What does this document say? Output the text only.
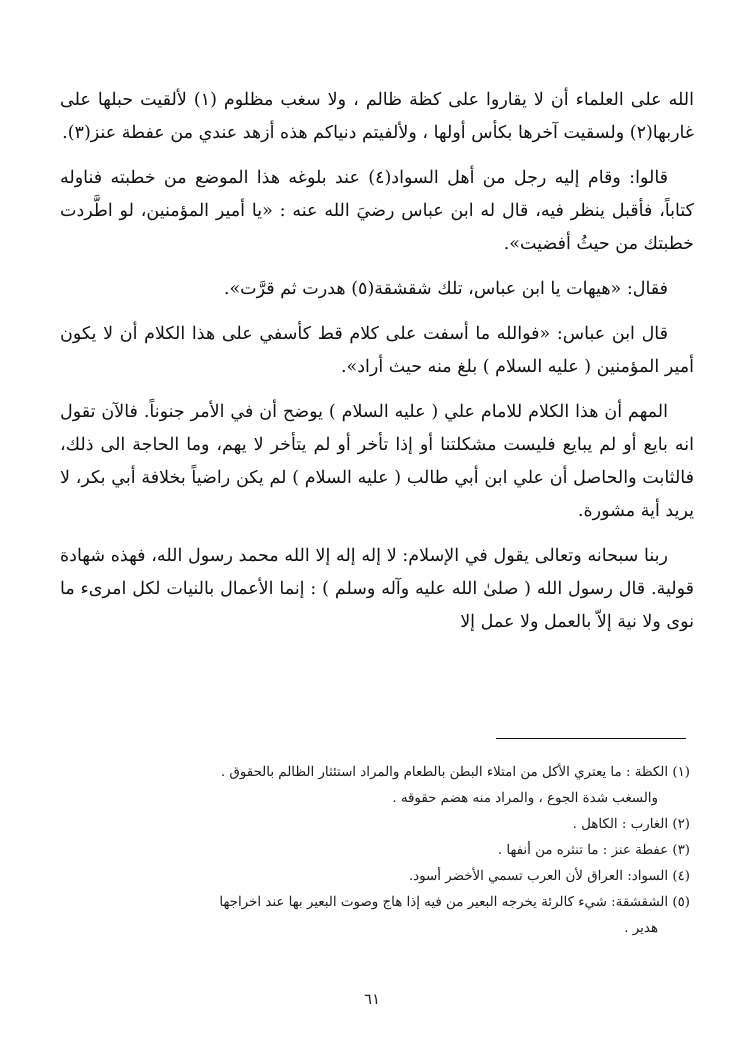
الله على العلماء أن لا يقاروا على كظة ظالم ، ولا سغب مظلوم (١) لألقيت حبلها على غاربها(٢) ولسقيت آخرها بكأس أولها ، ولألفيتم دنياكم هذه أزهد عندي من عفطة عنز(٣).

قالوا: وقام إليه رجل من أهل السواد(٤) عند بلوغه هذا الموضع من خطبته فناوله كتاباً، فأقبل ينظر فيه، قال له ابن عباس رضيَ الله عنه : «يا أمير المؤمنين، لو اطَّردت خطبتك من حيثُ أفضيت».

فقال: «هيهات يا ابن عباس، تلك شقشقة(٥) هدرت ثم قرَّت».

قال ابن عباس: «فوالله ما أسفت على كلام قط كأسفي على هذا الكلام أن لا يكون أمير المؤمنين ( عليه السلام ) بلغ منه حيث أراد».

المهم أن هذا الكلام للامام علي ( عليه السلام ) يوضح أن في الأمر جنوناً. فالآن تقول انه بايع أو لم يبايع فليست مشكلتنا أو إذا تأخر أو لم يتأخر لا يهم، وما الحاجة الى ذلك، فالثابت والحاصل أن علي ابن أبي طالب ( عليه السلام ) لم يكن راضياً بخلافة أبي بكر، لا يريد أية مشورة.

ربنا سبحانه وتعالى يقول في الإسلام: لا إله إله إلا الله محمد رسول الله، فهذه شهادة قولية. قال رسول الله ( صلىٰ الله عليه وآله وسلم ) : إنما الأعمال بالنيات لكل امرىء ما نوى ولا نية إلاّ بالعمل ولا عمل إلا

(١) الكظة : ما يعتري الأكل من امتلاء البطن بالطعام والمراد استئثار الظالم بالحقوق .

والسغب شدة الجوع ، والمراد منه هضم حقوقه .

(٢) الغارب : الكاهل .

(٣) عفطة عنز : ما تنثره من أنفها .

(٤) السواد: العراق لأن العرب تسمي الأخضر أسود.

(٥) الشقشقة: شيء كالرئة يخرجه البعير من فيه إذا هاج وصوت البعير بها عند اخراجها

هدير .

٦١
